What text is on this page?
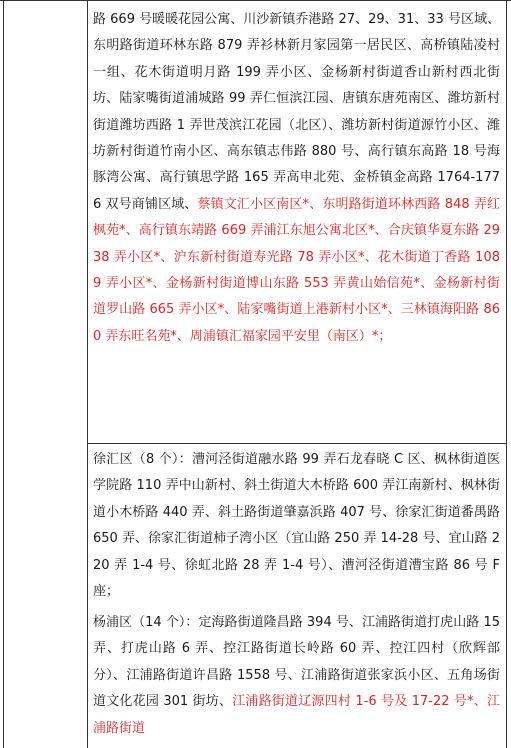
路 669 号暖暖花园公寓、川沙新镇乔港路 27、29、31、33 号区域、东明路街道环林东路 879 弄衫林新月家园第一居民区、高桥镇陆凌村一组、花木街道明月路 199 弄小区、金杨新村街道香山新村西北街坊、陆家嘴街道浦城路 99 弄仁恒滨江园、唐镇东唐苑南区、潍坊新村街道潍坊西路 1 弄世茂滨江花园（北区）、潍坊新村街道源竹小区、潍坊新村街道竹南小区、高东镇志伟路 880 号、高行镇东高路 18 号海豚湾公寓、高行镇思学路 165 弄高申北苑、金桥镇金高路 1764-1776 双号商铺区域、蔡镇文汇小区南区*、东明路街道环林西路 848 弄红枫苑*、高行镇东靖路 669 弄浦江东旭公寓北区*、合庆镇华夏东路 2938 弄小区*、沪东新村街道寿光路 78 弄小区*、花木街道丁香路 1089 弄小区*、金杨新村街道博山东路 553 弄黄山始信苑*、金杨新村街道罗山路 665 弄小区*、陆家嘴街道上港新村小区*、三林镇海阳路 860 弄东旺名苑*、周浦镇汇福家园平安里（南区）*；
徐汇区（8 个）：漕河泾街道融水路 99 弄石龙春晓 C 区、枫林街道医学院路 110 弄中山新村、斜土街道大木桥路 600 弄江南新村、枫林街道小木桥路 440 弄、斜土路街道肇嘉浜路 407 号、徐家汇街道番禺路 650 弄、徐家汇街道柿子湾小区（宜山路 250 弄 14-28 号、宜山路 220 弄 1-4 号、徐虹北路 28 弄 1-4 号）、漕河泾街道漕宝路 86 号 F 座；
杨浦区（14 个）：定海路街道隆昌路 394 号、江浦路街道打虎山路 15 弄、打虎山路 6 弄、控江路街道长岭路 60 弄、控江四村（欣辉部分）、江浦路街道许昌路 1558 号、江浦路街道张家浜小区、五角场街道文化花园 301 街坊、江浦路街道辽源四村 1-6 号及 17-22 号*、江浦路街道
